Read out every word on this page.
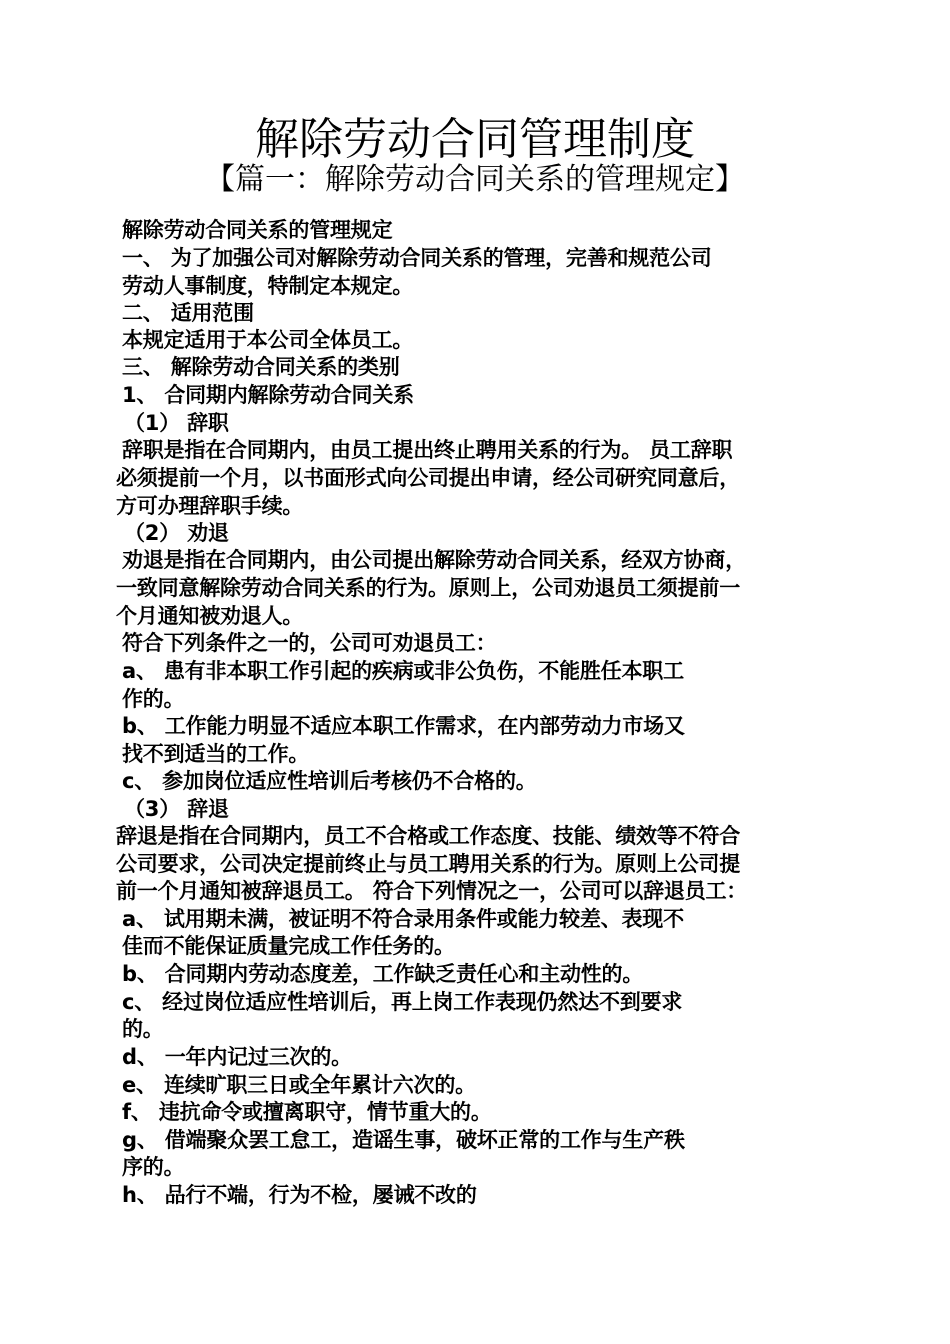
解除劳动合同管理制度
【篇一：解除劳动合同关系的管理规定】
解除劳动合同关系的管理规定
一、 为了加强公司对解除劳动合同关系的管理，完善和规范公司
劳动人事制度，特制定本规定。
二、 适用范围
本规定适用于本公司全体员工。
三、 解除劳动合同关系的类别
1、 合同期内解除劳动合同关系
（1） 辞职
辞职是指在合同期内，由员工提出终止聘用关系的行为。 员工辞职
必须提前一个月，以书面形式向公司提出申请，经公司研究同意后，
方可办理辞职手续。
（2） 劝退
劝退是指在合同期内，由公司提出解除劳动合同关系，经双方协商，
一致同意解除劳动合同关系的行为。原则上，公司劝退员工须提前一
个月通知被劝退人。
符合下列条件之一的，公司可劝退员工：
a、 患有非本职工作引起的疾病或非公负伤，不能胜任本职工
作的。
b、 工作能力明显不适应本职工作需求，在内部劳动力市场又
找不到适当的工作。
c、 参加岗位适应性培训后考核仍不合格的。
（3） 辞退
辞退是指在合同期内，员工不合格或工作态度、技能、绩效等不符合
公司要求，公司决定提前终止与员工聘用关系的行为。原则上公司提
前一个月通知被辞退员工。 符合下列情况之一，公司可以辞退员工：
a、 试用期未满，被证明不符合录用条件或能力较差、表现不
佳而不能保证质量完成工作任务的。
b、 合同期内劳动态度差，工作缺乏责任心和主动性的。
c、 经过岗位适应性培训后，再上岗工作表现仍然达不到要求
的。
d、 一年内记过三次的。
e、 连续旷职三日或全年累计六次的。
f、 违抗命令或擅离职守，情节重大的。
g、 借端聚众罢工怠工，造谣生事，破坏正常的工作与生产秩
序的。
h、 品行不端，行为不检，屡诫不改的
